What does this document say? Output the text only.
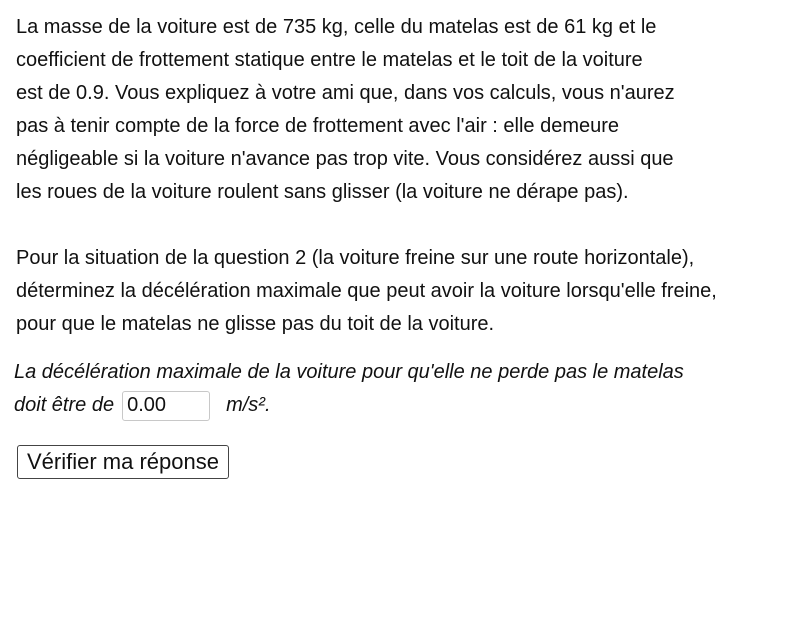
La masse de la voiture est de 735 kg, celle du matelas est de 61 kg et le
coefficient de frottement statique entre le matelas et le toit de la voiture
est de 0.9. Vous expliquez à votre ami que, dans vos calculs, vous n'aurez
pas à tenir compte de la force de frottement avec l'air : elle demeure
négligeable si la voiture n'avance pas trop vite. Vous considérez aussi que
les roues de la voiture roulent sans glisser (la voiture ne dérape pas).

Pour la situation de la question 2 (la voiture freine sur une route horizontale),
déterminez la décélération maximale que peut avoir la voiture lorsqu'elle freine,
pour que le matelas ne glisse pas du toit de la voiture.

La décélération maximale de la voiture pour qu'elle ne perde pas le matelas
doit être de
0.00	m/s².
Vérifier ma réponse
